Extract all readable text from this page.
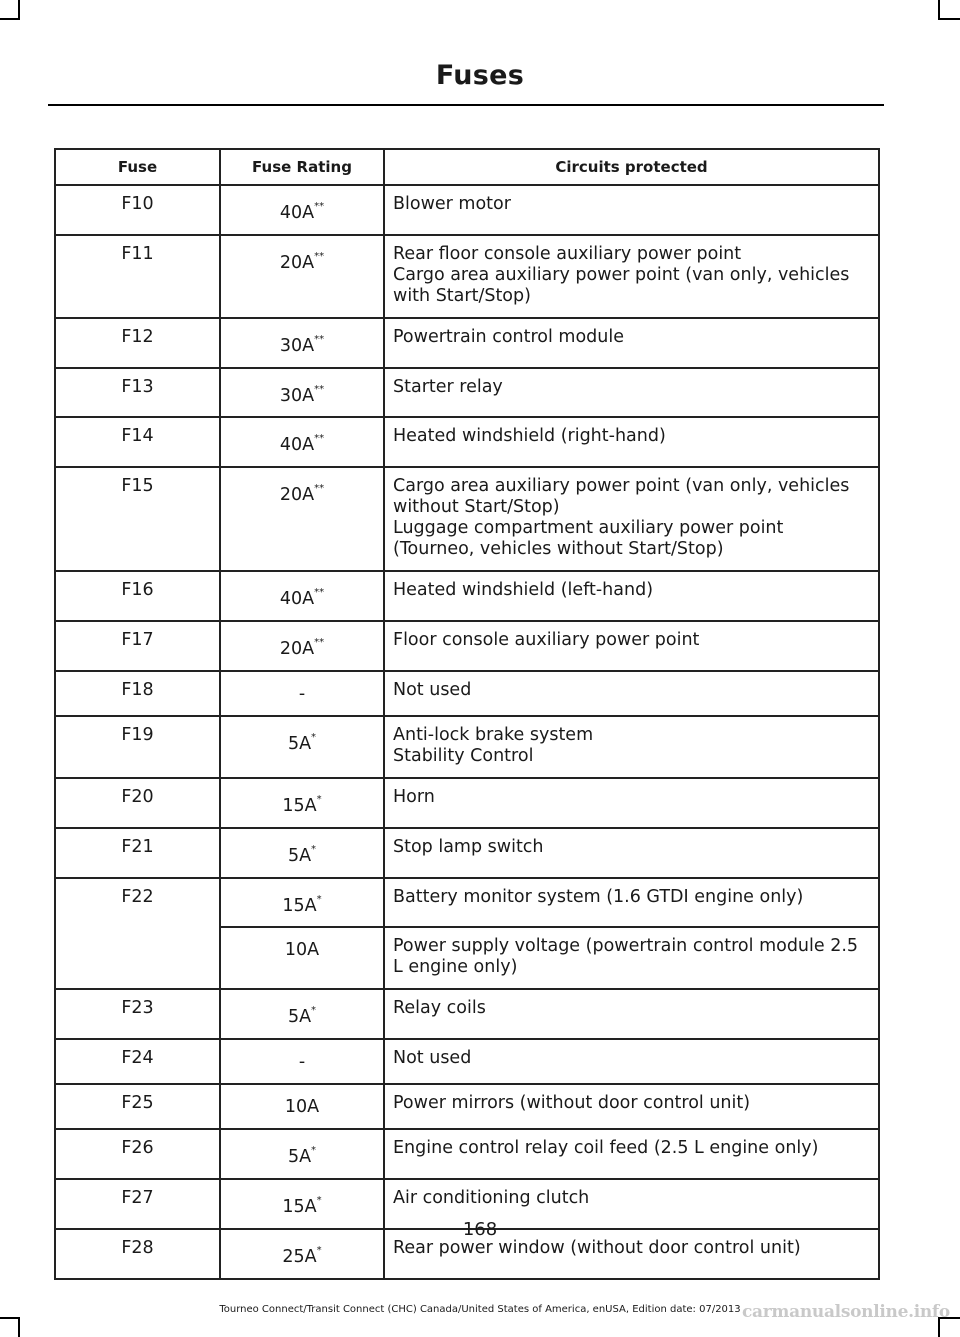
Fuses
Fuse	Fuse Rating	Circuits protected
F10	40A**	Blower motor

F11	20A**	Rear floor console auxiliary power point
Cargo area auxiliary power point (van only, vehicles with Start/Stop)

F12	30A**	Powertrain control module

F13	30A**	Starter relay

F14	40A**	Heated windshield (right-hand)

F15	20A**	Cargo area auxiliary power point (van only, vehicles without Start/Stop)
Luggage compartment auxiliary power point (Tourneo, vehicles without Start/Stop)

F16	40A**	Heated windshield (left-hand)

F17	20A**	Floor console auxiliary power point

F18	-	Not used

F19	5A*	Anti-lock brake system
Stability Control

F20	15A*	Horn

F21	5A*	Stop lamp switch

F22	15A*	Battery monitor system (1.6 GTDI engine only)

	10A	Power supply voltage (powertrain control module 2.5 L engine only)

F23	5A*	Relay coils

F24	-	Not used

F25	10A	Power mirrors (without door control unit)

F26	5A*	Engine control relay coil feed (2.5 L engine only)

F27	15A*	Air conditioning clutch

F28	25A*	Rear power window (without door control unit)
168
Tourneo Connect/Transit Connect (CHC) Canada/United States of America, enUSA, Edition date: 07/2013 carmanualsonline.info
